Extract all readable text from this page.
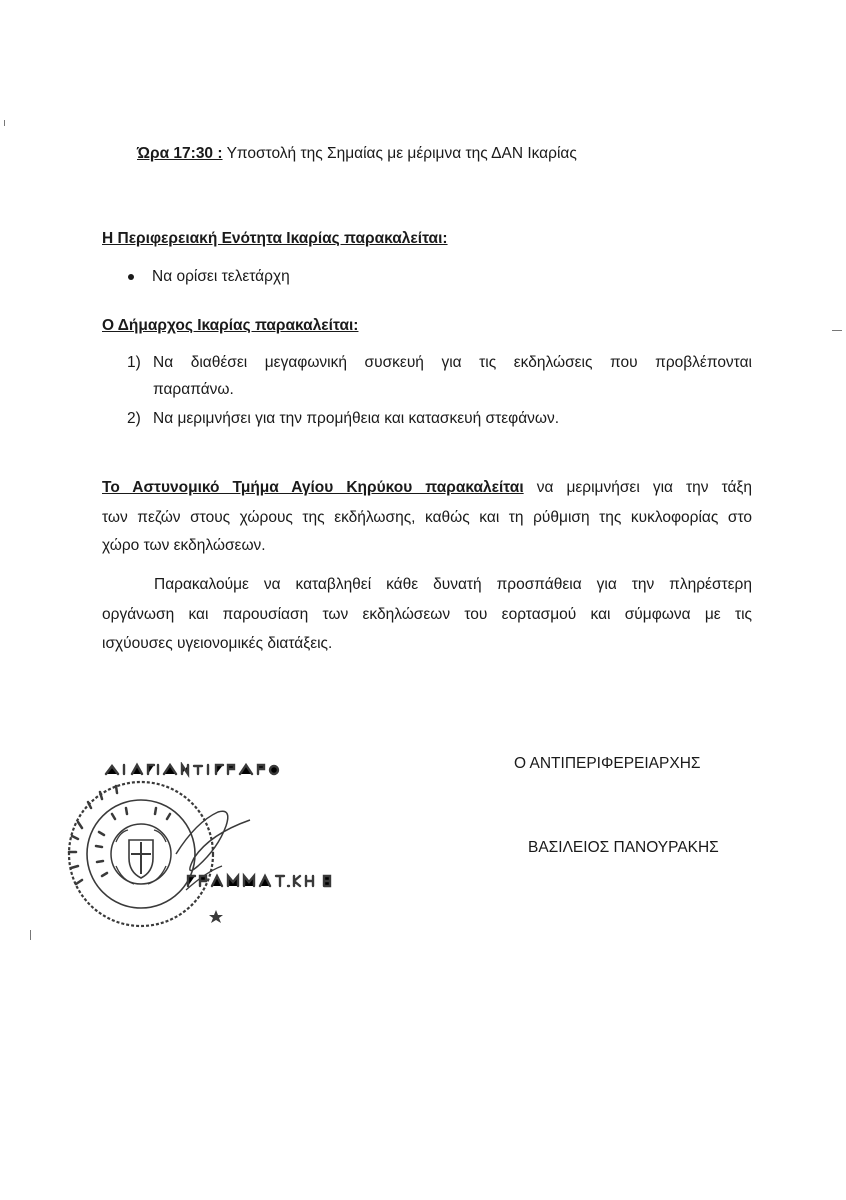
Ώρα 17:30 : Υποστολή της Σημαίας με μέριμνα της ΔΑΝ Ικαρίας
Η Περιφερειακή Ενότητα Ικαρίας παρακαλείται:
Να ορίσει τελετάρχη
Ο Δήμαρχος Ικαρίας παρακαλείται:
1) Να διαθέσει μεγαφωνική συσκευή για τις εκδηλώσεις που προβλέπονται
παραπάνω.
2) Να μεριμνήσει για την προμήθεια και κατασκευή στεφάνων.
Το Αστυνομικό Τμήμα Αγίου Κηρύκου παρακαλείται να μεριμνήσει για την τάξη
των πεζών στους χώρους της εκδήλωσης, καθώς και τη ρύθμιση της κυκλοφορίας στο
χώρο των εκδηλώσεων.
Παρακαλούμε να καταβληθεί κάθε δυνατή προσπάθεια για την πληρέστερη
οργάνωση και παρουσίαση των εκδηλώσεων του εορτασμού και σύμφωνα με τις
ισχύουσες υγειονομικές διατάξεις.
Ο ΑΝΤΙΠΕΡΙΦΕΡΕΙΑΡΧΗΣ
ΒΑΣΙΛΕΙΟΣ ΠΑΝΟΥΡΑΚΗΣ
